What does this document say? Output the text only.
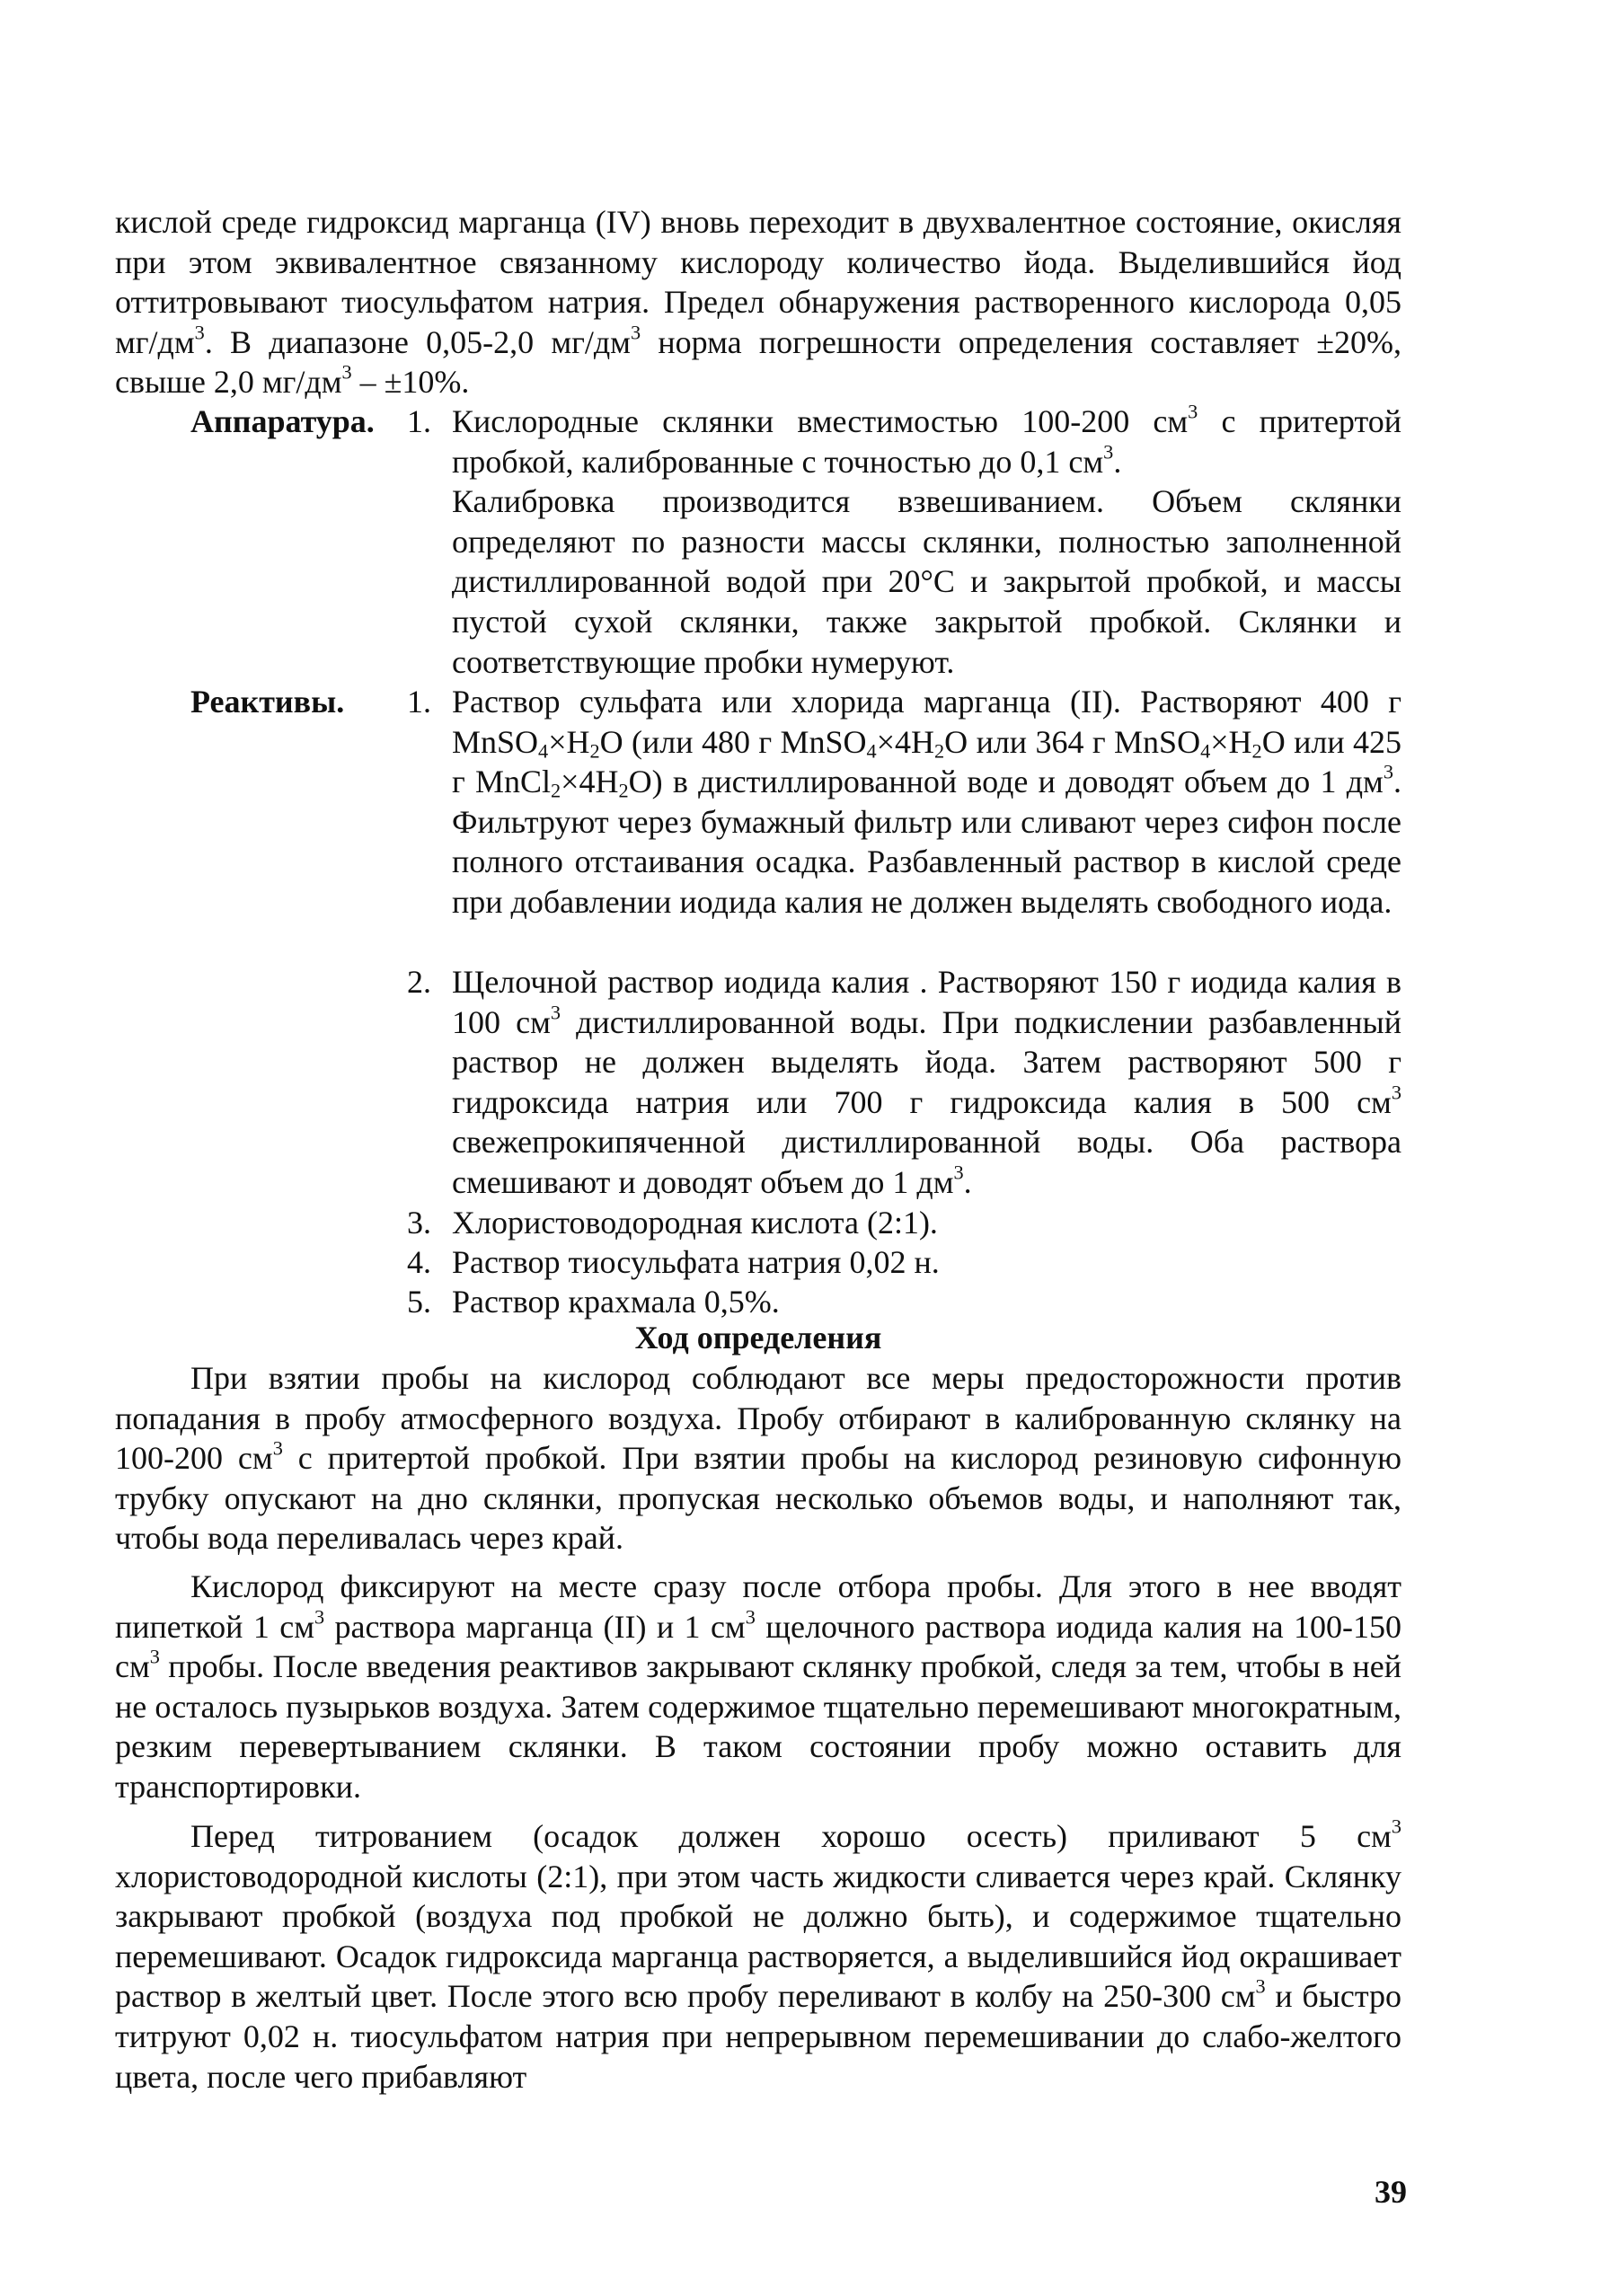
кислой среде гидроксид марганца (IV) вновь переходит в двухвалентное состояние, окисляя при этом эквивалентное связанному кислороду количество йода. Выделившийся йод оттитровывают тиосульфатом натрия. Предел обнаружения растворенного кислорода 0,05 $мг/дм^3$. В диапазоне 0,05-2,0 $мг/дм^3$ норма погрешности определения составляет ±20%, свыше 2,0 $мг/дм^3 - \pm 10\%$.

Аппаратура. 1. Кислородные склянки вместимостью 100-200 $см^3$ с притертой пробкой, калиброванные с точностью до 0,1 $см^3$.

Калибровка производится взвешиванием. Объем склянки определяют по разности массы склянки, полностью заполненной дистиллированной водой при 20°С и закрытой пробкой, и массы пустой сухой склянки, также закрытой пробкой. Склянки и соответствующие пробки нумеруют.

Реактивы. 1. Раствор сульфата или хлорида марганца (II). Растворяют 400 г $MnSO_4\times H_2O$ (или 480 г $MnSO_4\times 4H_2O$ или 364 г $MnSO_4\times H_2O$ или 425 г $MnCl_2\times 4H_2O$) в дистиллированной воде и доводят объем до 1 $дм^3$. Фильтруют через бумажный фильтр или сливают через сифон после полного отстаивания осадка. Разбавленный раствор в кислой среде при добавлении иодида калия не должен выделять свободного иода.

2. Щелочной раствор иодида калия . Растворяют 150 г иодида калия в 100 $см^3$ дистиллированной воды. При подкислении разбавленный раствор не должен выделять йода. Затем растворяют 500 г гидроксида натрия или 700 г гидроксида калия в 500 $см^3$ свежепрокипяченной дистиллированной воды. Оба раствора смешивают и доводят объем до 1 $дм^3$.

3. Хлористоводородная кислота (2:1).

4. Раствор тиосульфата натрия 0,02 н.

5. Раствор крахмала 0,5%.

Ход определения

При взятии пробы на кислород соблюдают все меры предосторожности против попадания в пробу атмосферного воздуха. Пробу отбирают в калиброванную склянку на 100-200 $см^3$ с притертой пробкой. При взятии пробы на кислород резиновую сифонную трубку опускают на дно склянки, пропуская несколько объемов воды, и наполняют так, чтобы вода переливалась через край.

Кислород фиксируют на месте сразу после отбора пробы. Для этого в нее вводят пипеткой 1 $см^3$ раствора марганца (II) и 1 $см^3$ щелочного раствора иодида калия на 100-150 $см^3$ пробы. После введения реактивов закрывают склянку пробкой, следя за тем, чтобы в ней не осталось пузырьков воздуха. Затем содержимое тщательно перемешивают многократным, резким перевертыванием склянки. В таком состоянии пробу можно оставить для транспортировки.

Перед титрованием (осадок должен хорошо осесть) приливают 5 $см^3$ хлористоводородной кислоты (2:1), при этом часть жидкости сливается через край. Склянку закрывают пробкой (воздуха под пробкой не должно быть), и содержимое тщательно перемешивают. Осадок гидроксида марганца растворяется, а выделившийся йод окрашивает раствор в желтый цвет. После этого всю пробу переливают в колбу на 250-300 $см^3$ и быстро титруют 0,02 н. тиосульфатом натрия при непрерывном перемешивании до слабо-желтого цвета, после чего прибавляют

39
